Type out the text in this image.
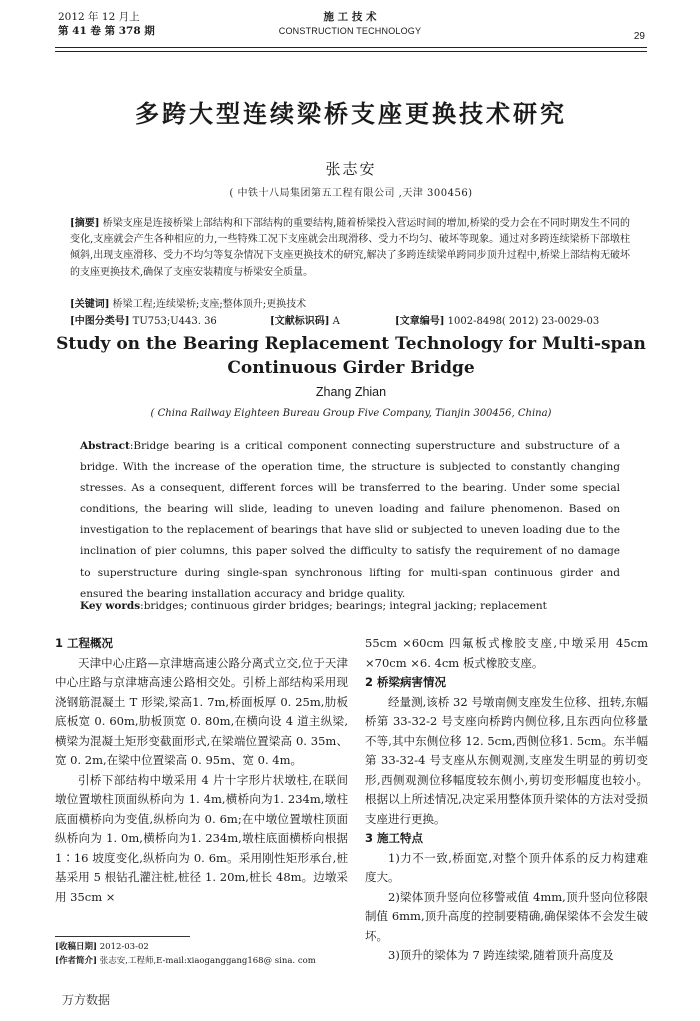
2012 年 12 月上
第 41 卷 第 378 期
施 工 技 术
CONSTRUCTION TECHNOLOGY	29
多跨大型连续梁桥支座更换技术研究
张志安
( 中铁十八局集团第五工程有限公司 ,天津 300456)
[摘要] 桥梁支座是连接桥梁上部结构和下部结构的重要结构,随着桥梁投入营运时间的增加,桥梁的受力会在不同时期发生不同的变化,支座就会产生各种相应的力,一些特殊工况下支座就会出现滑移、受力不均匀、破坏等现象。通过对多跨连续梁桥下部墩柱倾斜,出现支座滑移、受力不均匀等复杂情况下支座更换技术的研究,解决了多跨连续梁单跨同步顶升过程中,桥梁上部结构无破坏的支座更换技术,确保了支座安装精度与桥梁安全质量。
[关键词] 桥梁工程;连续梁桥;支座;整体顶升;更换技术
[中图分类号] TU753;U443. 36	[文献标识码] A	[文章编号] 1002-8498( 2012) 23-0029-03
Study on the Bearing Replacement Technology for Multi-span
Continuous Girder Bridge
Zhang Zhian
( China Railway Eighteen Bureau Group Five Company, Tianjin 300456, China)
Abstract:Bridge bearing is a critical component connecting superstructure and substructure of a bridge. With the increase of the operation time, the structure is subjected to constantly changing stresses. As a consequent, different forces will be transferred to the bearing. Under some special conditions, the bearing will slide, leading to uneven loading and failure phenomenon. Based on investigation to the replacement of bearings that have slid or subjected to uneven loading due to the inclination of pier columns, this paper solved the difficulty to satisfy the requirement of no damage to superstructure during single-span synchronous lifting for multi-span continuous girder and ensured the bearing installation accuracy and bridge quality.
Key words:bridges; continuous girder bridges; bearings; integral jacking; replacement

1 工程概况

天津中心庄路—京津塘高速公路分离式立交,位于天津中心庄路与京津塘高速公路相交处。引桥上部结构采用现浇钢筋混凝土 T 形梁,梁高1. 7m,桥面板厚 0. 25m,肋板底板宽 0. 60m,肋板顶宽 0. 80m,在横向设 4 道主纵梁,横梁为混凝土矩形变截面形式,在梁端位置梁高 0. 35m、宽 0. 2m,在梁中位置梁高 0. 95m、宽 0. 4m。

引桥下部结构中墩采用 4 片十字形片状墩柱,在联间墩位置墩柱顶面纵桥向为 1. 4m,横桥向为1. 234m,墩柱底面横桥向为变值,纵桥向为 0. 6m;在中墩位置墩柱顶面纵桥向为 1. 0m,横桥向为1. 234m,墩柱底面横桥向根据 1∶16 坡度变化,纵桥向为 0. 6m。采用刚性矩形承台,桩基采用 5 根钻孔灌注桩,桩径 1. 20m,桩长 48m。边墩采用 35cm ×

55cm ×60cm 四氟板式橡胶支座,中墩采用 45cm ×70cm ×6. 4cm 板式橡胶支座。

2 桥梁病害情况

经量测,该桥 32 号墩南侧支座发生位移、扭转,东幅桥第 33-32-2 号支座向桥跨内侧位移,且东西向位移量不等,其中东侧位移 12. 5cm,西侧位移1. 5cm。东半幅第 33-32-4 号支座从东侧观测,支座发生明显的剪切变形,西侧观测位移幅度较东侧小,剪切变形幅度也较小。根据以上所述情况,决定采用整体顶升梁体的方法对受损支座进行更换。

3 施工特点

1)力不一致,桥面宽,对整个顶升体系的反力构建难度大。

2)梁体顶升竖向位移警戒值 4mm,顶升竖向位移限制值 6mm,顶升高度的控制要精确,确保梁体不会发生破坏。

3)顶升的梁体为 7 跨连续梁,随着顶升高度及

[收稿日期] 2012-03-02
[作者简介] 张志安,工程师,E-mail:xiaoganggang168@ sina. com
万方数据
